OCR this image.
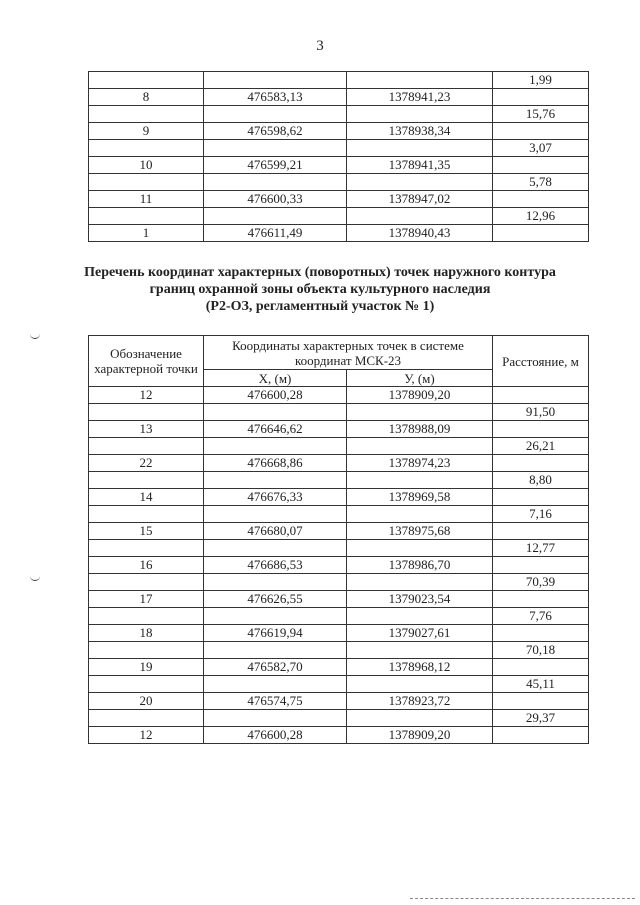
3
			1,99
8	476583,13	1378941,23	
			15,76
9	476598,62	1378938,34	
			3,07
10	476599,21	1378941,35	
			5,78
11	476600,33	1378947,02	
			12,96
1	476611,49	1378940,43	
Перечень координат характерных (поворотных) точек наружного контура
границ охранной зоны объекта культурного наследия
(Р2-ОЗ, регламентный участок № 1)
Обозначение характерной точки	Координаты характерных точек в системе координат МСК-23		Расстояние, м
	Х, (м)	У, (м)	
12	476600,28	1378909,20	
			91,50
13	476646,62	1378988,09	
			26,21
22	476668,86	1378974,23	
			8,80
14	476676,33	1378969,58	
			7,16
15	476680,07	1378975,68	
			12,77
16	476686,53	1378986,70	
			70,39
17	476626,55	1379023,54	
			7,76
18	476619,94	1379027,61	
			70,18
19	476582,70	1378968,12	
			45,11
20	476574,75	1378923,72	
			29,37
12	476600,28	1378909,20	
